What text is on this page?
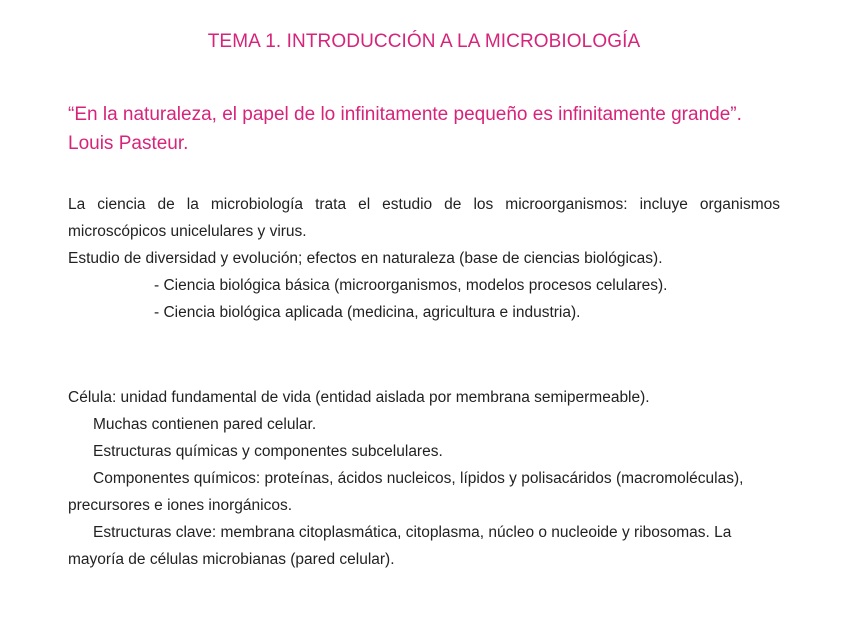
TEMA 1. INTRODUCCIÓN A LA MICROBIOLOGÍA
“En la naturaleza, el papel de lo infinitamente pequeño es infinitamente grande”. Louis Pasteur.
La ciencia de la microbiología trata el estudio de los microorganismos: incluye organismos microscópicos unicelulares y virus.
Estudio de diversidad y evolución; efectos en naturaleza (base de ciencias biológicas).
- Ciencia biológica básica (microorganismos, modelos procesos celulares).
- Ciencia biológica aplicada (medicina, agricultura e industria).
Célula: unidad fundamental de vida (entidad aislada por membrana semipermeable).
Muchas contienen pared celular.
Estructuras químicas y componentes subcelulares.
Componentes químicos: proteínas, ácidos nucleicos, lípidos y polisacáridos (macromoléculas), precursores e iones inorgánicos.
Estructuras clave: membrana citoplasmática, citoplasma, núcleo o nucleoide y ribosomas. La mayoría de células microbianas (pared celular).
